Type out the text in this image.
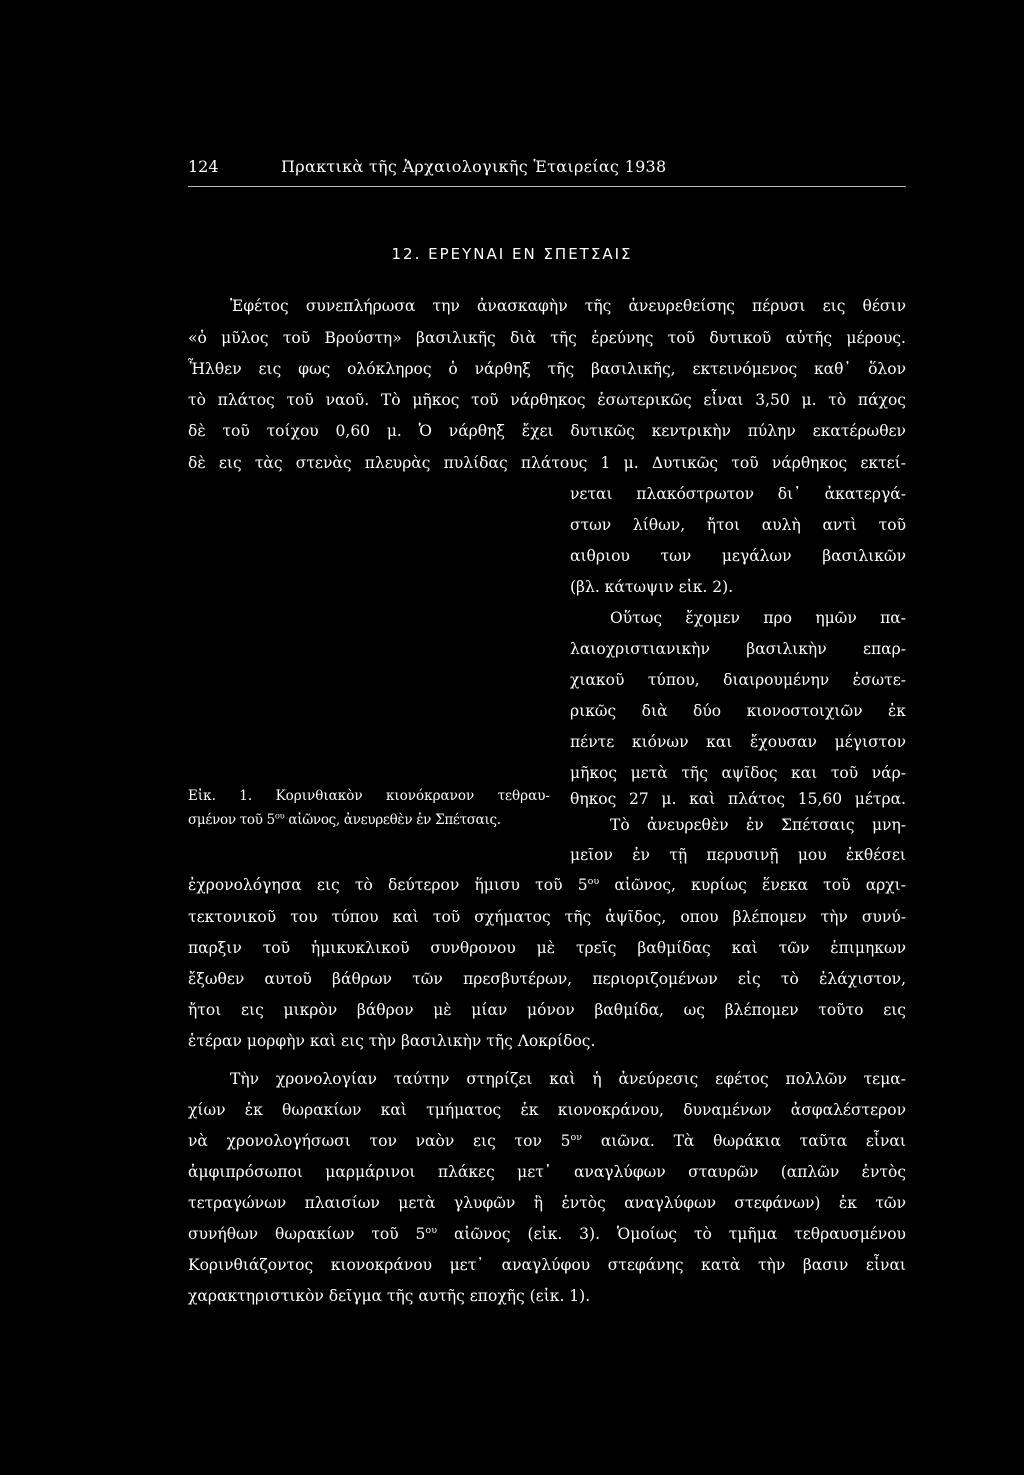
124	Πρακτικὰ τῆς Ἀρχαιολογικῆς Ἑταιρείας 1938
12. ΕΡΕΥΝΑΙ ΕΝ ΣΠΕΤΣΑΙΣ
Ἐφέτος συνεπλήρωσα την ἀνασκαφὴν τῆς ἀνευρεθείσης πέρυσι εις θέσιν
«ὁ μῦλος τοῦ Βρούστη» βασιλικῆς διὰ τῆς ἐρεύνης τοῦ δυτικοῦ αὐτῆς μέρους.
Ἦλθεν εις φως ολόκληρος ὁ νάρθηξ τῆς βασιλικῆς, εκτεινόμενος καθ᾽ ὅλον
τὸ πλάτος τοῦ ναοῦ. Τὸ μῆκος τοῦ νάρθηκος ἐσωτερικῶς εἶναι 3,50 μ. τὸ πάχος
δὲ τοῦ τοίχου 0,60 μ. Ὁ νάρθηξ ἔχει δυτικῶς κεντρικὴν πύλην εκατέρωθεν
δὲ εις τὰς στενὰς πλευρὰς πυλίδας πλάτους 1 μ. Δυτικῶς τοῦ νάρθηκος εκτεί-
νεται πλακόστρωτον δι᾽ ἀκατεργά-
στων λίθων, ἤτοι αυλὴ αντὶ τοῦ
αιθριου των μεγάλων βασιλικῶν
(βλ. κάτωψιν εἰκ. 2).
Οὕτως ἔχομεν προ ημῶν πα-
λαιοχριστιανικὴν βασιλικὴν επαρ-
χιακοῦ τύπου, διαιρουμένην ἐσωτε-
ρικῶς διὰ δύο κιονοστοιχιῶν ἐκ
πέντε κιόνων και ἔχουσαν μέγιστον
μῆκος μετὰ τῆς αψῖδος και τοῦ νάρ-
θηκος 27 μ. καὶ πλάτος 15,60 μέτρα.
Τὸ ἀνευρεθὲν ἐν Σπέτσαις μνη-
μεῖον ἐν τῇ περυσινῇ μου ἐκθέσει
Εἰκ. 1. Κορινθιακὸν κιονόκρανον τεθραυ-
σμένον τοῦ $5^{o\upsilon}$ αἰῶνος, ἀνευρεθὲν ἐν Σπέτσαις.
ἐχρονολόγησα εις τὸ δεύτερον ἥμισυ τοῦ $5^{o\upsilon}$ αἰῶνος, κυρίως ἕνεκα τοῦ αρχι-
τεκτονικοῦ του τύπου καὶ τοῦ σχήματος τῆς ἀψῖδος, οπου βλέπομεν τὴν συνύ-
παρξιν τοῦ ἡμικυκλικοῦ συνθρονου μὲ τρεῖς βαθμίδας καὶ τῶν ἐπιμηκων
ἔξωθεν αυτοῦ βάθρων τῶν πρεσβυτέρων, περιοριζομένων εἰς τὸ ἐλάχιστον,
ἤτοι εις μικρὸν βάθρον μὲ μίαν μόνον βαθμίδα, ως βλέπομεν τοῦτο εις
ἑτέραν μορφὴν καὶ εις τὴν βασιλικὴν τῆς Λοκρίδος.
Τὴν χρονολογίαν ταύτην στηρίζει καὶ ἡ ἀνεύρεσις εφέτος πολλῶν τεμα-
χίων ἐκ θωρακίων καὶ τμήματος ἐκ κιονοκράνου, δυναμένων ἀσφαλέστερον
νὰ χρονολογήσωσι τον ναὸν εις τον $5^{o\nu}$ αιῶνα. Τὰ θωράκια ταῦτα εἶναι
ἀμφιπρόσωποι μαρμάρινοι πλάκες μετ᾽ αναγλύφων σταυρῶν (απλῶν ἐντὸς
τετραγώνων πλαισίων μετὰ γλυφῶν ἢ ἐντὸς αναγλύφων στεφάνων) ἐκ τῶν
συνήθων θωρακίων τοῦ $5^{o\upsilon}$ αἰῶνος (εἰκ. 3). Ὁμοίως τὸ τμῆμα τεθραυσμένου
Κορινθιάζοντος κιονοκράνου μετ᾽ αναγλύφου στεφάνης κατὰ τὴν βασιν εἶναι
χαρακτηριστικὸν δεῖγμα τῆς αυτῆς εποχῆς (εἰκ. 1).
